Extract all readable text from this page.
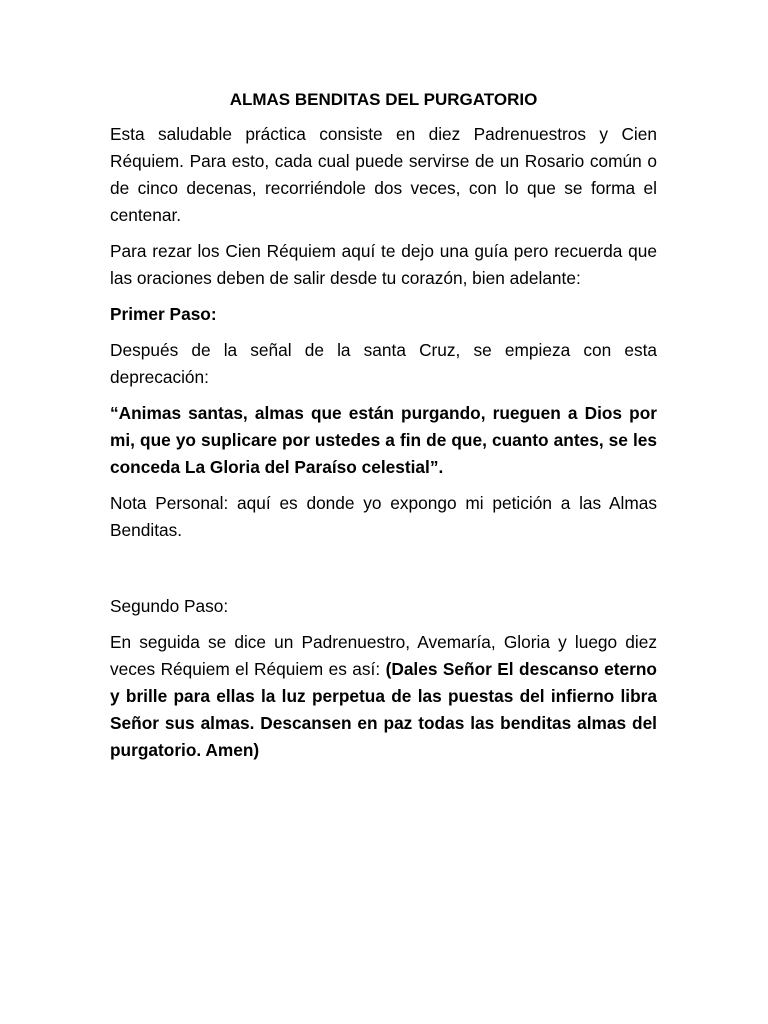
ALMAS BENDITAS DEL PURGATORIO

Esta saludable práctica consiste en diez Padrenuestros y Cien Réquiem. Para esto, cada cual puede servirse de un Rosario común o de cinco decenas, recorriéndole dos veces, con lo que se forma el centenar.

Para rezar los Cien Réquiem aquí te dejo una guía pero recuerda que las oraciones deben de salir desde tu corazón, bien adelante:

Primer Paso:

Después de la señal de la santa Cruz, se empieza con esta deprecación:

“Animas santas, almas que están purgando, rueguen a Dios por mi, que yo suplicare por ustedes a fin de que, cuanto antes, se les conceda La Gloria del Paraíso celestial”.

Nota Personal: aquí es donde yo expongo mi petición a las Almas Benditas.

Segundo Paso:

En seguida se dice un Padrenuestro, Avemaría, Gloria y luego diez veces Réquiem el Réquiem es así: (Dales Señor El descanso eterno y brille para ellas la luz perpetua de las puestas del infierno libra Señor sus almas. Descansen en paz todas las benditas almas del purgatorio. Amen)
